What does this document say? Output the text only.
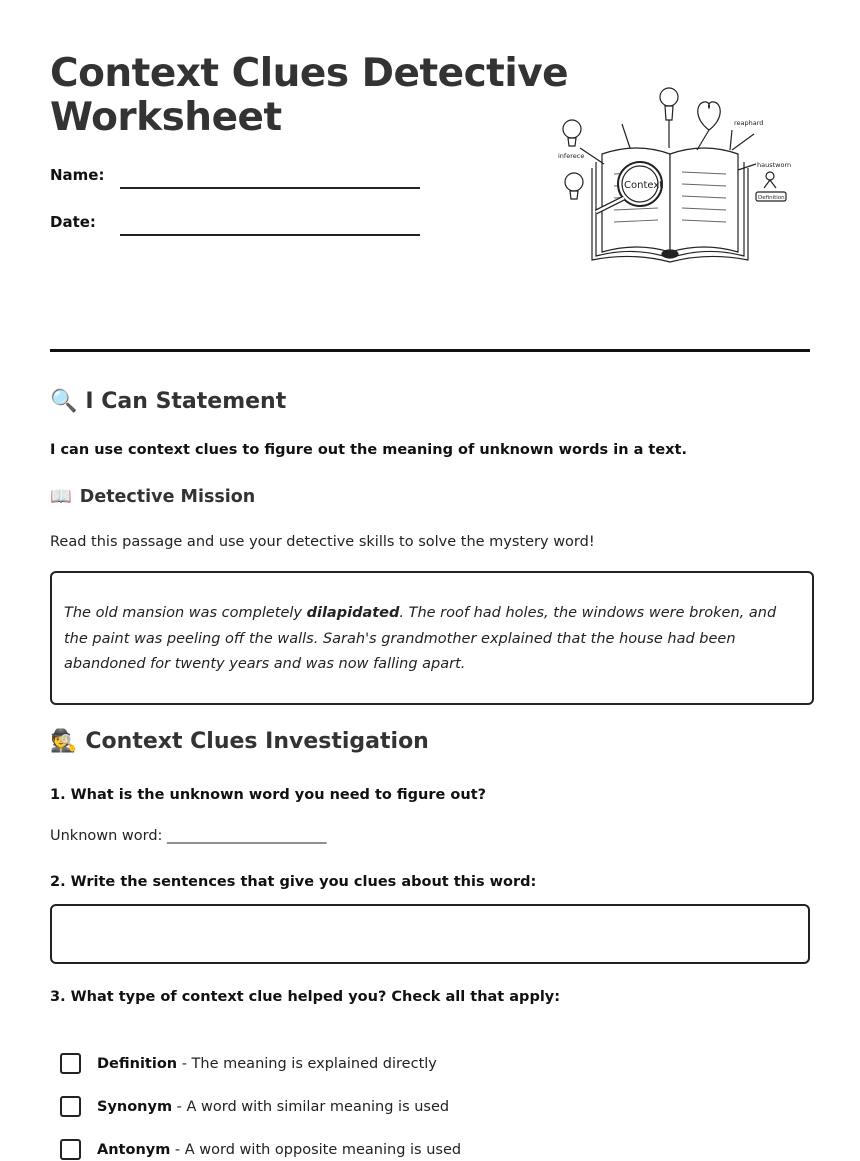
Context Clues Detective Worksheet
Name:
Date:
Context
inferece
reaphard
haustworn
Definition
🔍 I Can Statement
I can use context clues to figure out the meaning of unknown words in a text.
📖 Detective Mission
Read this passage and use your detective skills to solve the mystery word!

The old mansion was completely dilapidated. The roof had holes, the windows were broken, and the paint was peeling off the walls. Sarah's grandmother explained that the house had been abandoned for twenty years and was now falling apart.

🕵️ Context Clues Investigation
1. What is the unknown word you need to figure out?
Unknown word: ______________________
2. Write the sentences that give you clues about this word:
3. What type of context clue helped you? Check all that apply:
Definition - The meaning is explained directly
Synonym - A word with similar meaning is used
Antonym - A word with opposite meaning is used
